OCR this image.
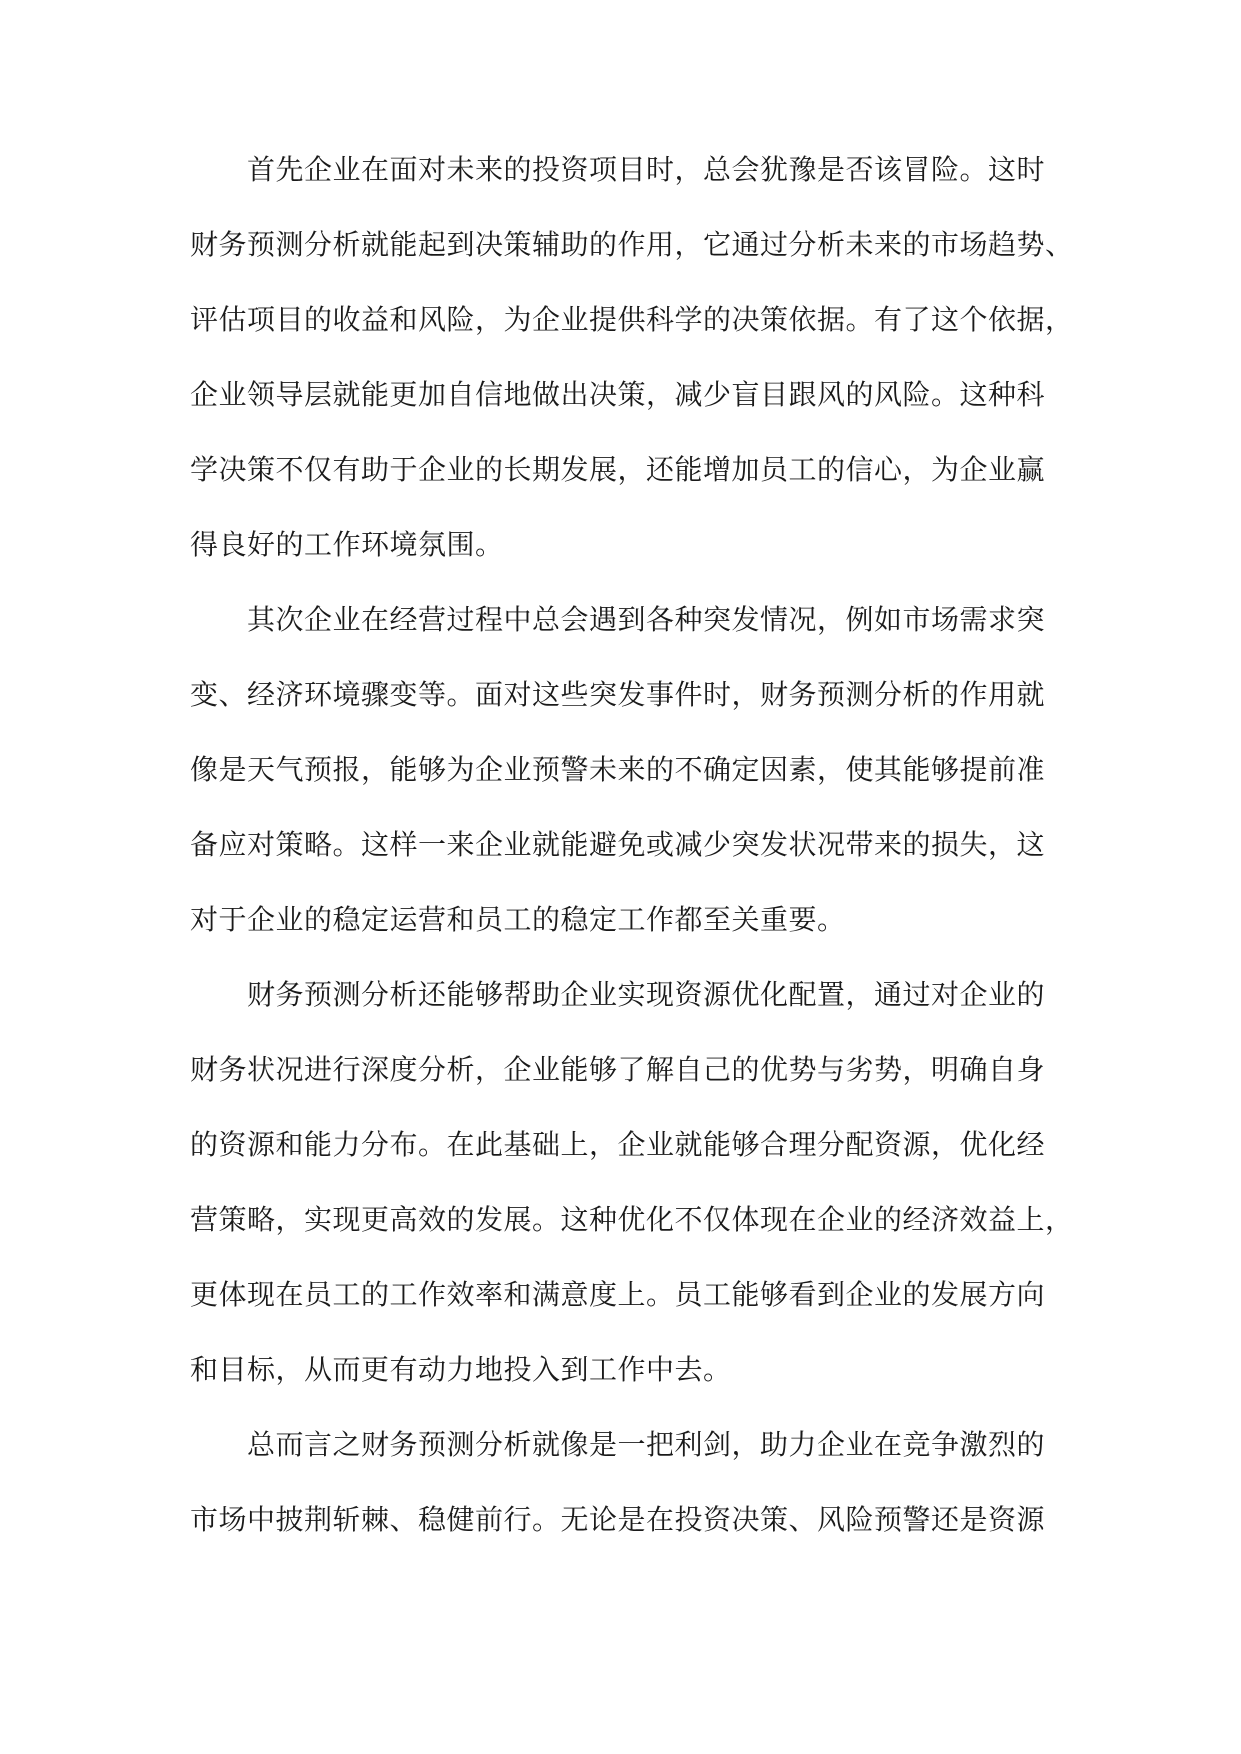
首先企业在面对未来的投资项目时，总会犹豫是否该冒险。这时

财务预测分析就能起到决策辅助的作用，它通过分析未来的市场趋势、

评估项目的收益和风险，为企业提供科学的决策依据。有了这个依据，

企业领导层就能更加自信地做出决策，减少盲目跟风的风险。这种科

学决策不仅有助于企业的长期发展，还能增加员工的信心，为企业赢

得良好的工作环境氛围。

其次企业在经营过程中总会遇到各种突发情况，例如市场需求突

变、经济环境骤变等。面对这些突发事件时，财务预测分析的作用就

像是天气预报，能够为企业预警未来的不确定因素，使其能够提前准

备应对策略。这样一来企业就能避免或减少突发状况带来的损失，这

对于企业的稳定运营和员工的稳定工作都至关重要。

财务预测分析还能够帮助企业实现资源优化配置，通过对企业的

财务状况进行深度分析，企业能够了解自己的优势与劣势，明确自身

的资源和能力分布。在此基础上，企业就能够合理分配资源，优化经

营策略，实现更高效的发展。这种优化不仅体现在企业的经济效益上，

更体现在员工的工作效率和满意度上。员工能够看到企业的发展方向

和目标，从而更有动力地投入到工作中去。

总而言之财务预测分析就像是一把利剑，助力企业在竞争激烈的

市场中披荆斩棘、稳健前行。无论是在投资决策、风险预警还是资源
